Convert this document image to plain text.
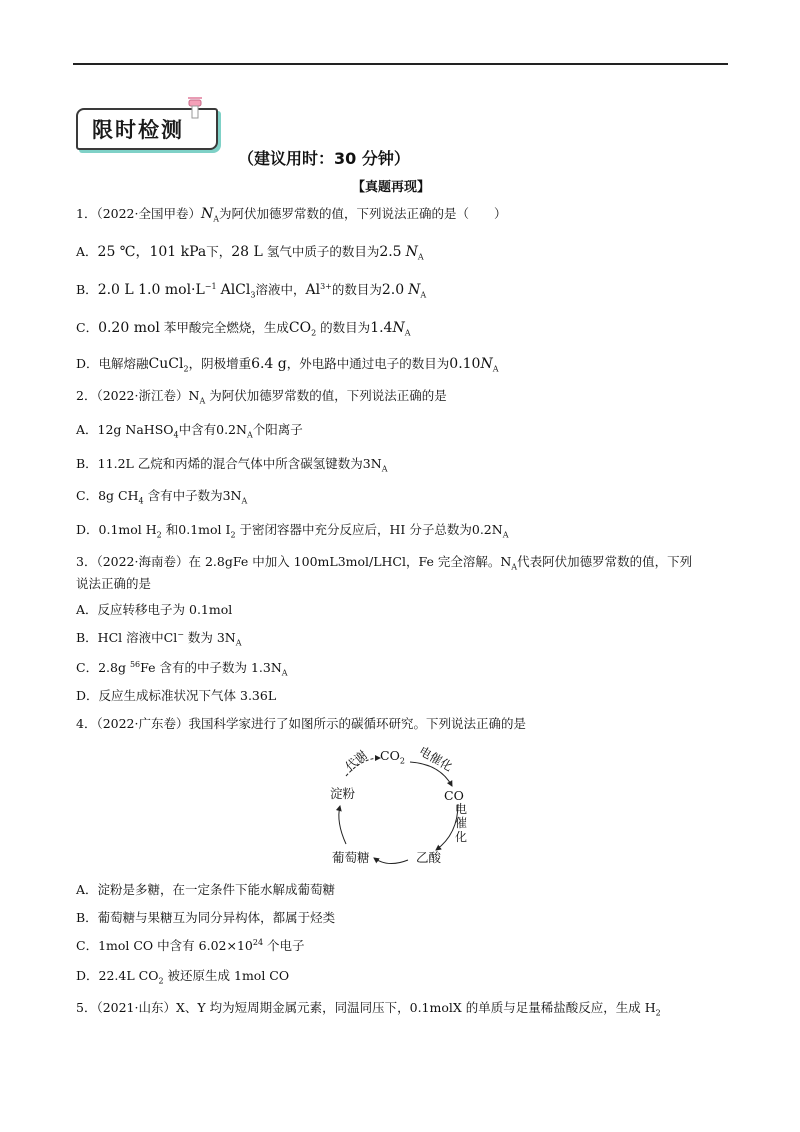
限时检测
（建议用时：30 分钟）
【真题再现】
1．（2022·全国甲卷）$N_A$为阿伏加德罗常数的值，下列说法正确的是（　　）
A．25 ℃，101 kPa下，28 L 氢气中质子的数目为2.5 $N_A$
B．2.0 L 1.0 $mol\cdot L^{-1}$ AlCl$_3$溶液中，$Al^{3+}$的数目为2.0 $N_A$
C．0.20 mol 苯甲酸完全燃烧，生成$CO_2$ 的数目为$1.4N_A$
D．电解熔融CuCl$_2$，阴极增重6.4 g，外电路中通过电子的数目为$0.10N_A$
2．（2022·浙江卷）$N_A$ 为阿伏加德罗常数的值，下列说法正确的是
A．12g NaHSO$_4$中含有$0.2N_A$个阳离子
B．11.2L 乙烷和丙烯的混合气体中所含碳氢键数为$3N_A$
C．8g $CH_4$ 含有中子数为$3N_A$
D．0.1mol $H_2$ 和0.1mol $I_2$ 于密闭容器中充分反应后，HI 分子总数为$0.2N_A$
3．（2022·海南卷）在 2.8gFe 中加入 100mL3mol/LHCl，Fe 完全溶解。$N_A$代表阿伏加德罗常数的值，下列
说法正确的是
A．反应转移电子为 0.1mol
B．HCl 溶液中Cl− 数为 $3N_A$
C．2.8g $^{56}$Fe 含有的中子数为 $1.3N_A$
D．反应生成标准状况下气体 3.36L
4．（2022·广东卷）我国科学家进行了如图所示的碳循环研究。下列说法正确的是
$CO_2$
CO
乙酸
葡萄糖
淀粉
代谢	电催化
电
催
化
A．淀粉是多糖，在一定条件下能水解成葡萄糖
B．葡萄糖与果糖互为同分异构体，都属于烃类
C．1mol CO 中含有 $6.02\times 10^{24}$ 个电子
D．22.4L $CO_2$ 被还原生成 1mol CO
5．（2021·山东）X、Y 均为短周期金属元素，同温同压下，0.1molX 的单质与足量稀盐酸反应，生成 $H_2$
